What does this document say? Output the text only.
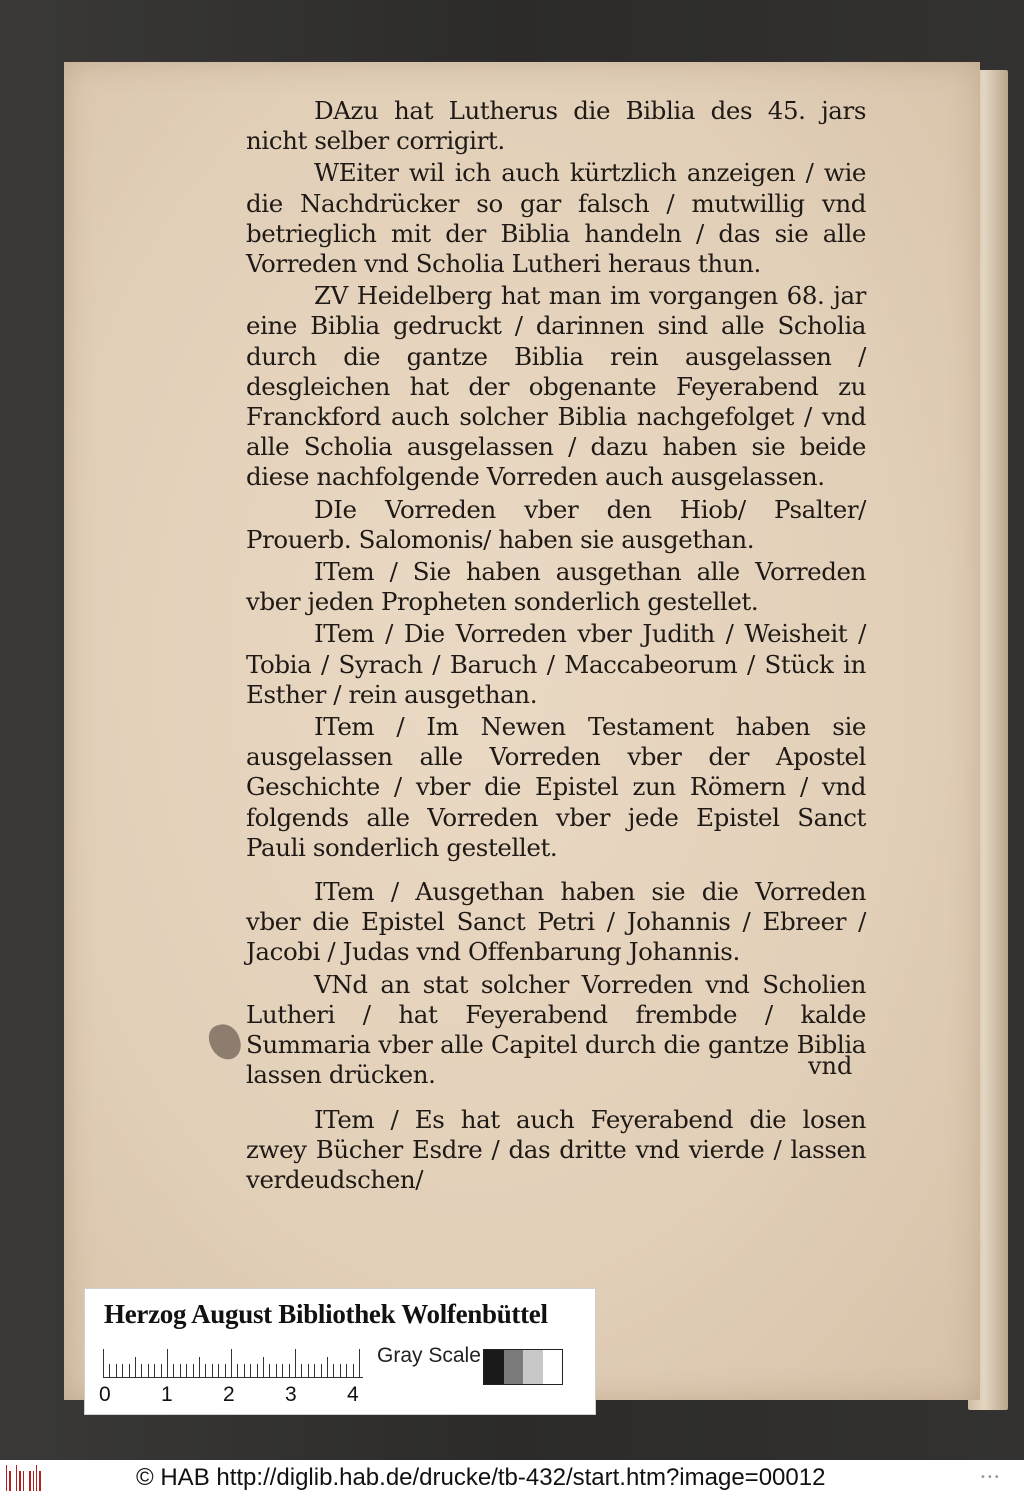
DAzu hat Lutherus die Biblia des 45. jars nicht selber corrigirt.

WEiter wil ich auch kürtzlich anzeigen / wie die Nachdrücker so gar falsch / mutwillig vnd betrieglich mit der Biblia handeln / das sie alle Vorreden vnd Scholia Lutheri heraus thun.

ZV Heidelberg hat man im vorgangen 68. jar eine Biblia gedruckt / darinnen sind alle Scholia durch die gantze Biblia rein ausgelassen / desgleichen hat der obgenante Feyerabend zu Franckford auch solcher Biblia nachgefolget / vnd alle Scholia ausgelassen / dazu haben sie beide diese nachfolgende Vorreden auch ausgelassen.

DIe Vorreden vber den Hiob/ Psalter/ Prouerb. Salomonis/ haben sie ausgethan.

ITem / Sie haben ausgethan alle Vorreden vber jeden Propheten sonderlich gestellet.

ITem / Die Vorreden vber Judith / Weisheit / Tobia / Syrach / Baruch / Maccabeorum / Stück in Esther / rein ausgethan.

ITem / Im Newen Testament haben sie ausgelassen alle Vorreden vber der Apostel Geschichte / vber die Epistel zun Römern / vnd folgends alle Vorreden vber jede Epistel Sanct Pauli sonderlich gestellet.

ITem / Ausgethan haben sie die Vorreden vber die Epistel Sanct Petri / Johannis / Ebreer / Jacobi / Judas vnd Offenbarung Johannis.

VNd an stat solcher Vorreden vnd Scholien Lutheri / hat Feyerabend frembde / kalde Summaria vber alle Capitel durch die gantze Biblia lassen drücken.

ITem / Es hat auch Feyerabend die losen zwey Bücher Esdre / das dritte vnd vierde / lassen verdeudschen/

vnd
Herzog August Bibliothek Wolfenbüttel
0 1 2 3 4
Gray Scale
© HAB http://diglib.hab.de/drucke/tb-432/start.htm?image=00012	•••
